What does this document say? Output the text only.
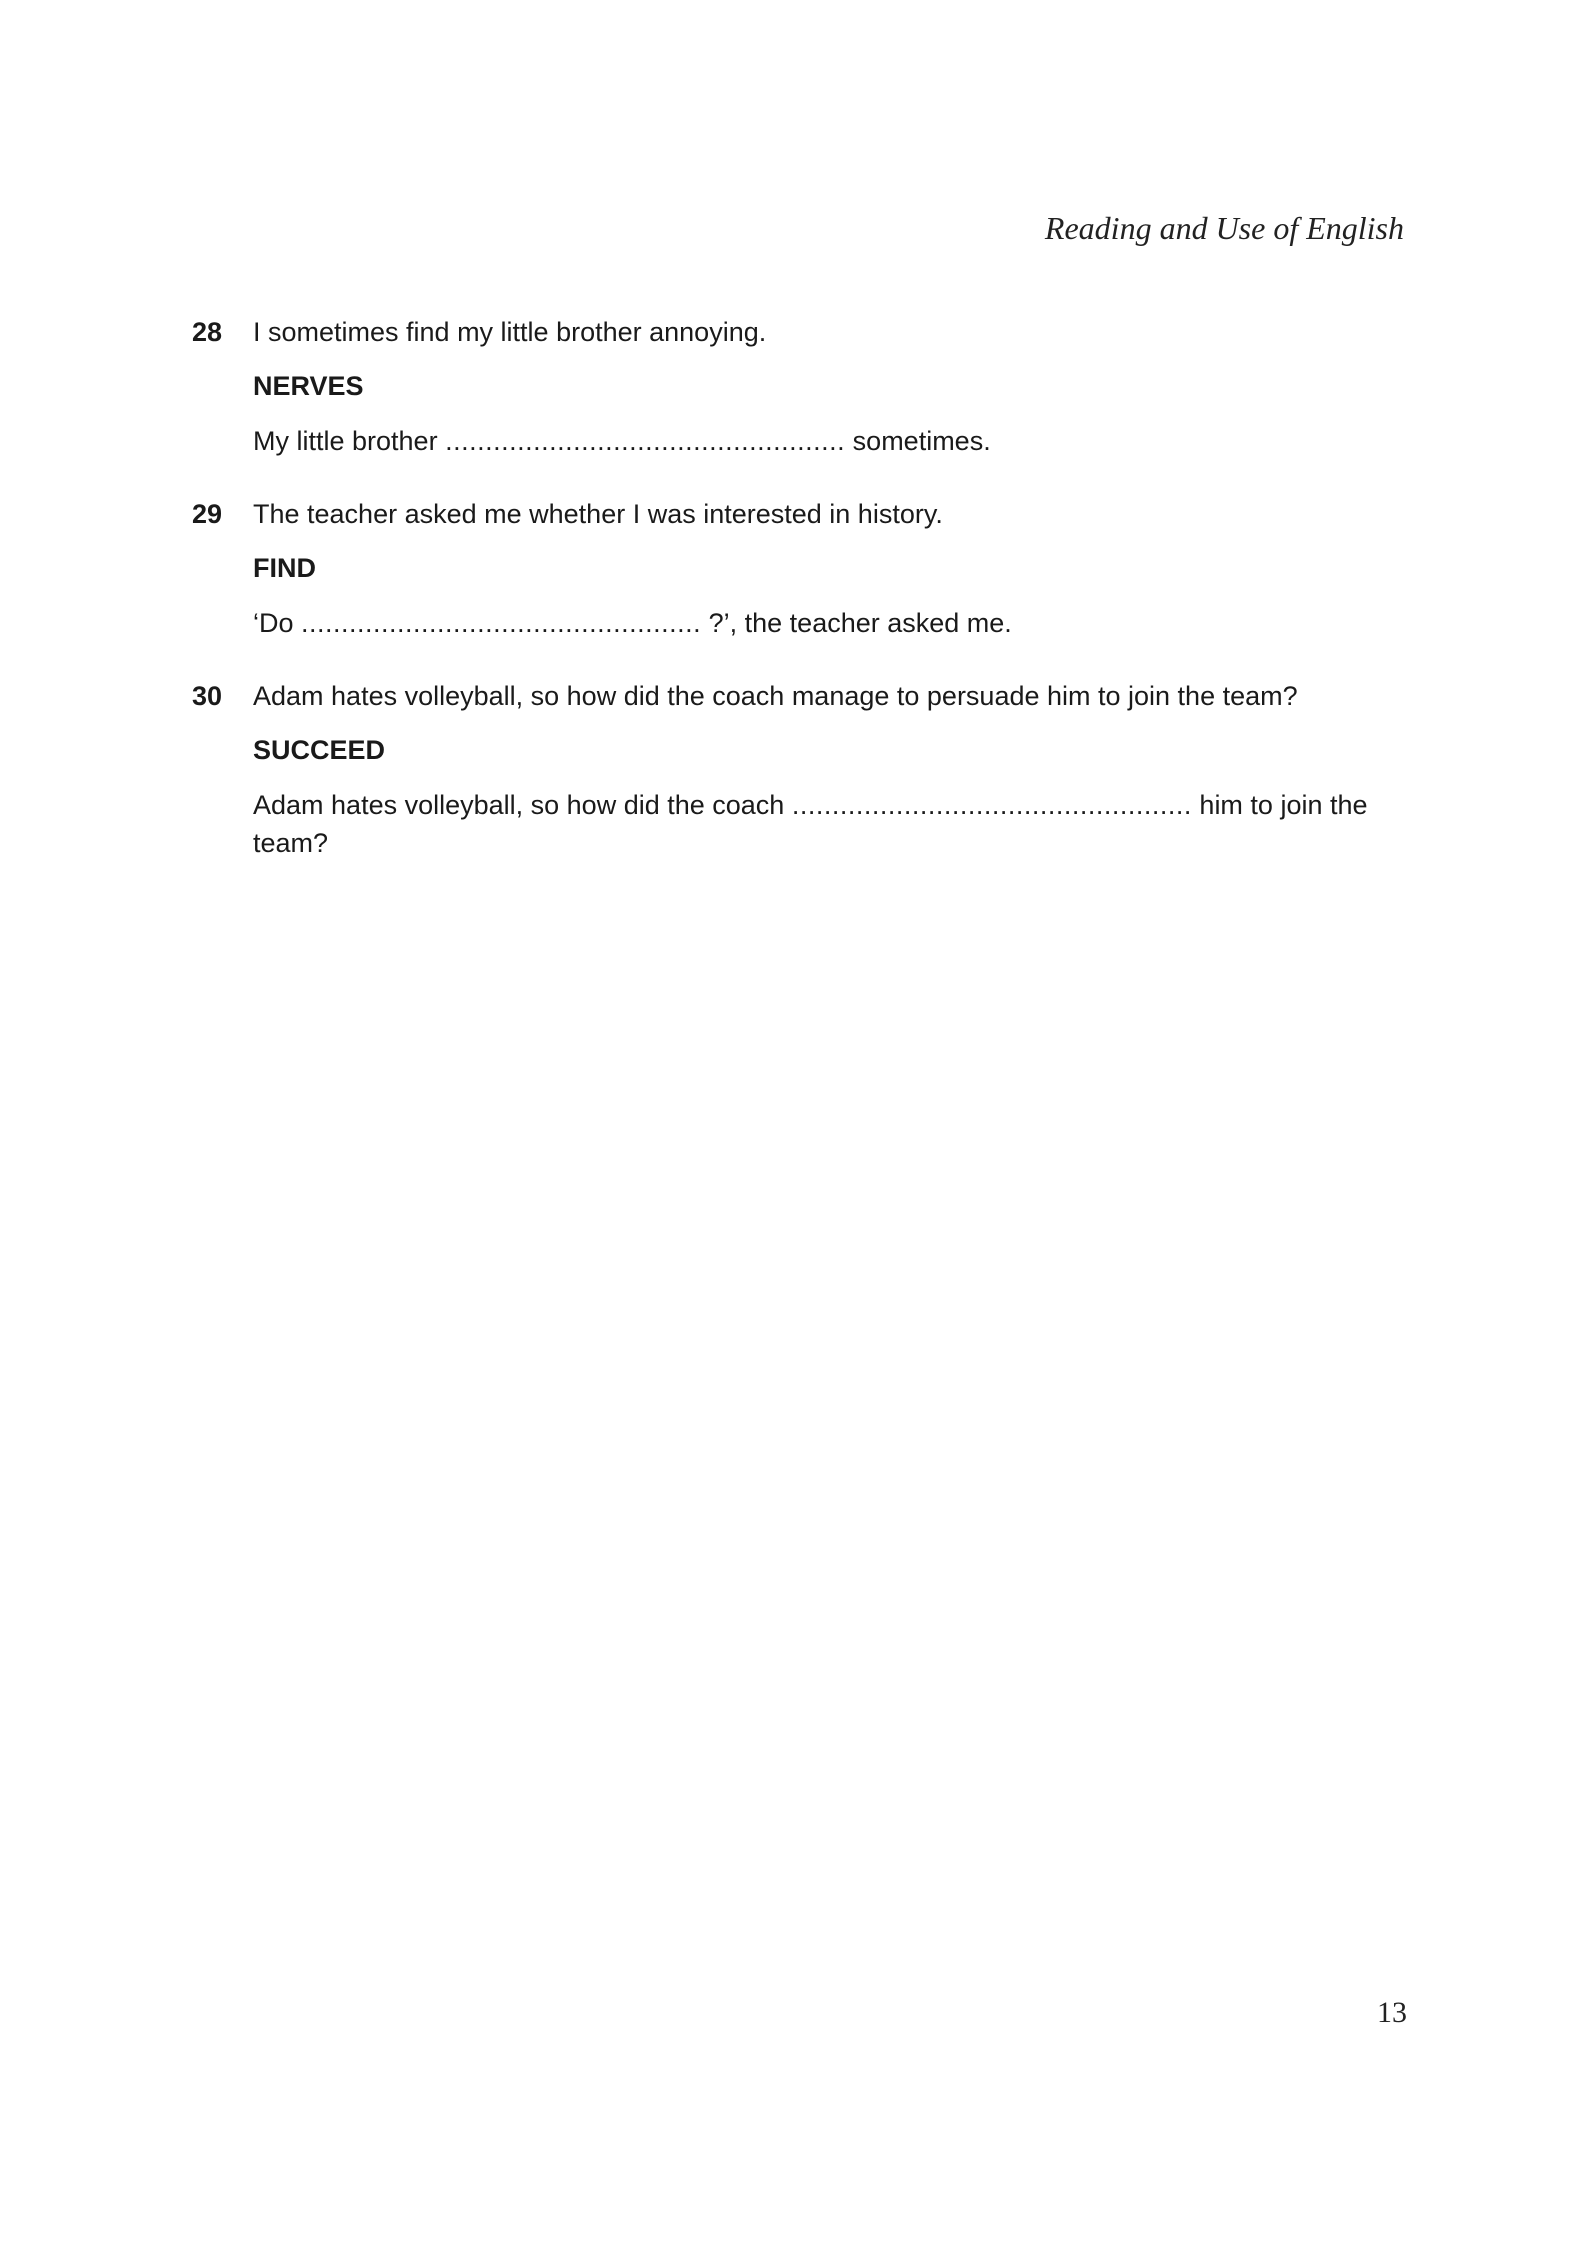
Reading and Use of English
28 I sometimes find my little brother annoying.

NERVES
My little brother .................................................. sometimes.
29 The teacher asked me whether I was interested in history.

FIND
‘Do .................................................. ?’, the teacher asked me.
30 Adam hates volleyball, so how did the coach manage to persuade him to join the team?

SUCCEED
Adam hates volleyball, so how did the coach .................................................. him to join the team?
13
